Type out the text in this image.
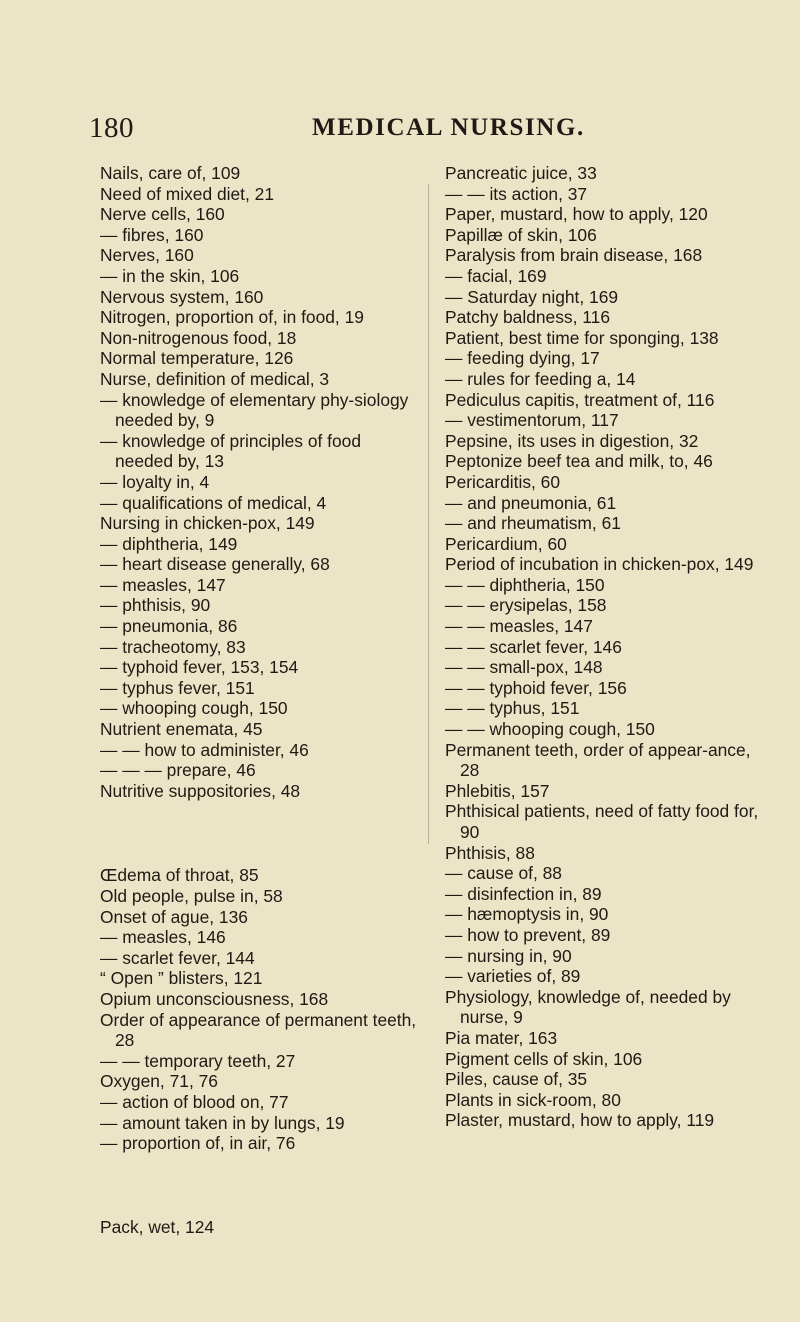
180	MEDICAL NURSING.
Nails, care of, 109
Need of mixed diet, 21
Nerve cells, 160
— fibres, 160
Nerves, 160
— in the skin, 106
Nervous system, 160
Nitrogen, proportion of, in food, 19
Non-nitrogenous food, 18
Normal temperature, 126
Nurse, definition of medical, 3
— knowledge of elementary phy-siology needed by, 9
— knowledge of principles of food needed by, 13
— loyalty in, 4
— qualifications of medical, 4
Nursing in chicken-pox, 149
— diphtheria, 149
— heart disease generally, 68
— measles, 147
— phthisis, 90
— pneumonia, 86
— tracheotomy, 83
— typhoid fever, 153, 154
— typhus fever, 151
— whooping cough, 150
Nutrient enemata, 45
— — how to administer, 46
— — — prepare, 46
Nutritive suppositories, 48
Œdema of throat, 85
Old people, pulse in, 58
Onset of ague, 136
— measles, 146
— scarlet fever, 144
“ Open ” blisters, 121
Opium unconsciousness, 168
Order of appearance of permanent teeth, 28
— — temporary teeth, 27
Oxygen, 71, 76
— action of blood on, 77
— amount taken in by lungs, 19
— proportion of, in air, 76
Pack, wet, 124
Pancreatic juice, 33
— — its action, 37
Paper, mustard, how to apply, 120
Papillæ of skin, 106
Paralysis from brain disease, 168
— facial, 169
— Saturday night, 169
Patchy baldness, 116
Patient, best time for sponging, 138
— feeding dying, 17
— rules for feeding a, 14
Pediculus capitis, treatment of, 116
— vestimentorum, 117
Pepsine, its uses in digestion, 32
Peptonize beef tea and milk, to, 46
Pericarditis, 60
— and pneumonia, 61
— and rheumatism, 61
Pericardium, 60
Period of incubation in chicken-pox, 149
— — diphtheria, 150
— — erysipelas, 158
— — measles, 147
— — scarlet fever, 146
— — small-pox, 148
— — typhoid fever, 156
— — typhus, 151
— — whooping cough, 150
Permanent teeth, order of appear-ance, 28
Phlebitis, 157
Phthisical patients, need of fatty food for, 90
Phthisis, 88
— cause of, 88
— disinfection in, 89
— hæmoptysis in, 90
— how to prevent, 89
— nursing in, 90
— varieties of, 89
Physiology, knowledge of, needed by nurse, 9
Pia mater, 163
Pigment cells of skin, 106
Piles, cause of, 35
Plants in sick-room, 80
Plaster, mustard, how to apply, 119
